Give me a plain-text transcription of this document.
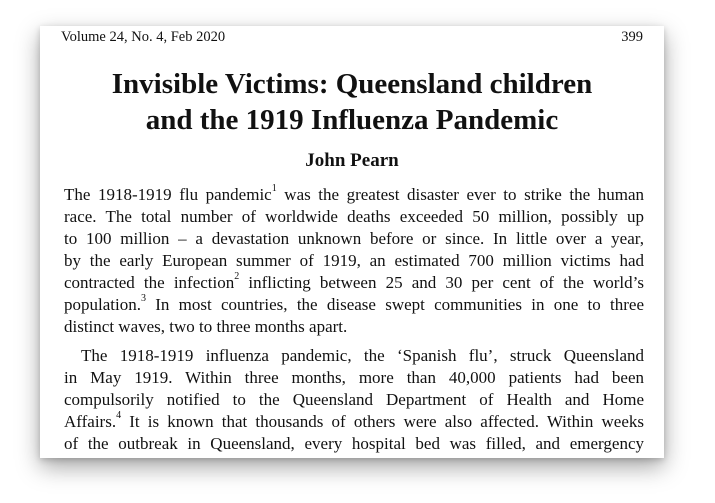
Volume 24, No. 4, Feb 2020	399
Invisible Victims: Queensland children
and the 1919 Influenza Pandemic
John Pearn
The 1918-1919 flu pandemic$^1$ was the greatest disaster ever to strike the human
race. The total number of worldwide deaths exceeded 50 million, possibly up
to 100 million – a devastation unknown before or since. In little over a year,
by the early European summer of 1919, an estimated 700 million victims had
contracted the infection$^2$ inflicting between 25 and 30 per cent of the world’s
population.$^3$ In most countries, the disease swept communities in one to three
distinct waves, two to three months apart.
The 1918-1919 influenza pandemic, the ‘Spanish flu’, struck Queensland
in May 1919. Within three months, more than 40,000 patients had been
compulsorily notified to the Queensland Department of Health and Home
Affairs.$^4$ It is known that thousands of others were also affected. Within weeks
of the outbreak in Queensland, every hospital bed was filled, and emergency
